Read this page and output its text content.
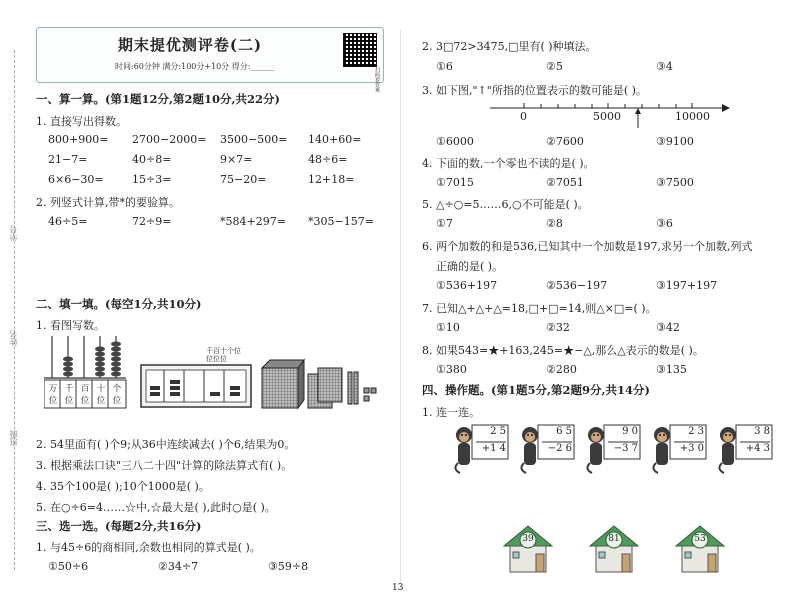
学号
姓名
班级
期末提优测评卷(二)
时间:60分钟 满分:100分+10分 得分:______
扫码看答案
一、算一算。(第1题12分,第2题10分,共22分)
1. 直接写出得数。
800+900= 2700−2000= 3500−500= 140+60=
21−7=	40÷8=	9×7=	48÷6=
6×6−30=	15÷3=	75−20=	12+18=
2. 列竖式计算,带*的要验算。
46÷5=	72÷9=	*584+297= *305−157=
二、填一填。(每空1分,共10分)
1. 看图写数。
万位
千位
百位
十位
个位
千百十个位位位位
2. 54里面有( )个9;从36中连续减去( )个6,结果为0。
3. 根据乘法口诀"三八二十四"计算的除法算式有( )。
4. 35个100是( );10个1000是( )。
5. 在○÷6=4……☆中,☆最大是( ),此时○是( )。
三、选一选。(每题2分,共16分)
1. 与45÷6的商相同,余数也相同的算式是( )。
①50÷6	②34÷7	③59÷8
2. 3□72>3475,□里有( )种填法。
①6	②5	③4
3. 如下图,"↑"所指的位置表示的数可能是( )。
0	5000	10000
①6000	②7600	③9100
4. 下面的数,一个零也不读的是( )。
①7015	②7051	③7500
5. △÷○=5……6,○不可能是( )。
①7	②8	③6
6. 两个加数的和是536,已知其中一个加数是197,求另一个加数,列式
正确的是( )。
①536+197	②536−197	③197+197
7. 已知△+△+△=18,□+□=14,则△×□=( )。
①10	②32	③42
8. 如果543=★+163,245=★−△,那么△表示的数是( )。
①380	②280	③135
四、操作题。(第1题5分,第2题9分,共14分)
1. 连一连。
2 5
+1 4
6 5
−2 6
9 0
−3 7
2 3
+3 0
3 8
+4 3
39	81	53
13
